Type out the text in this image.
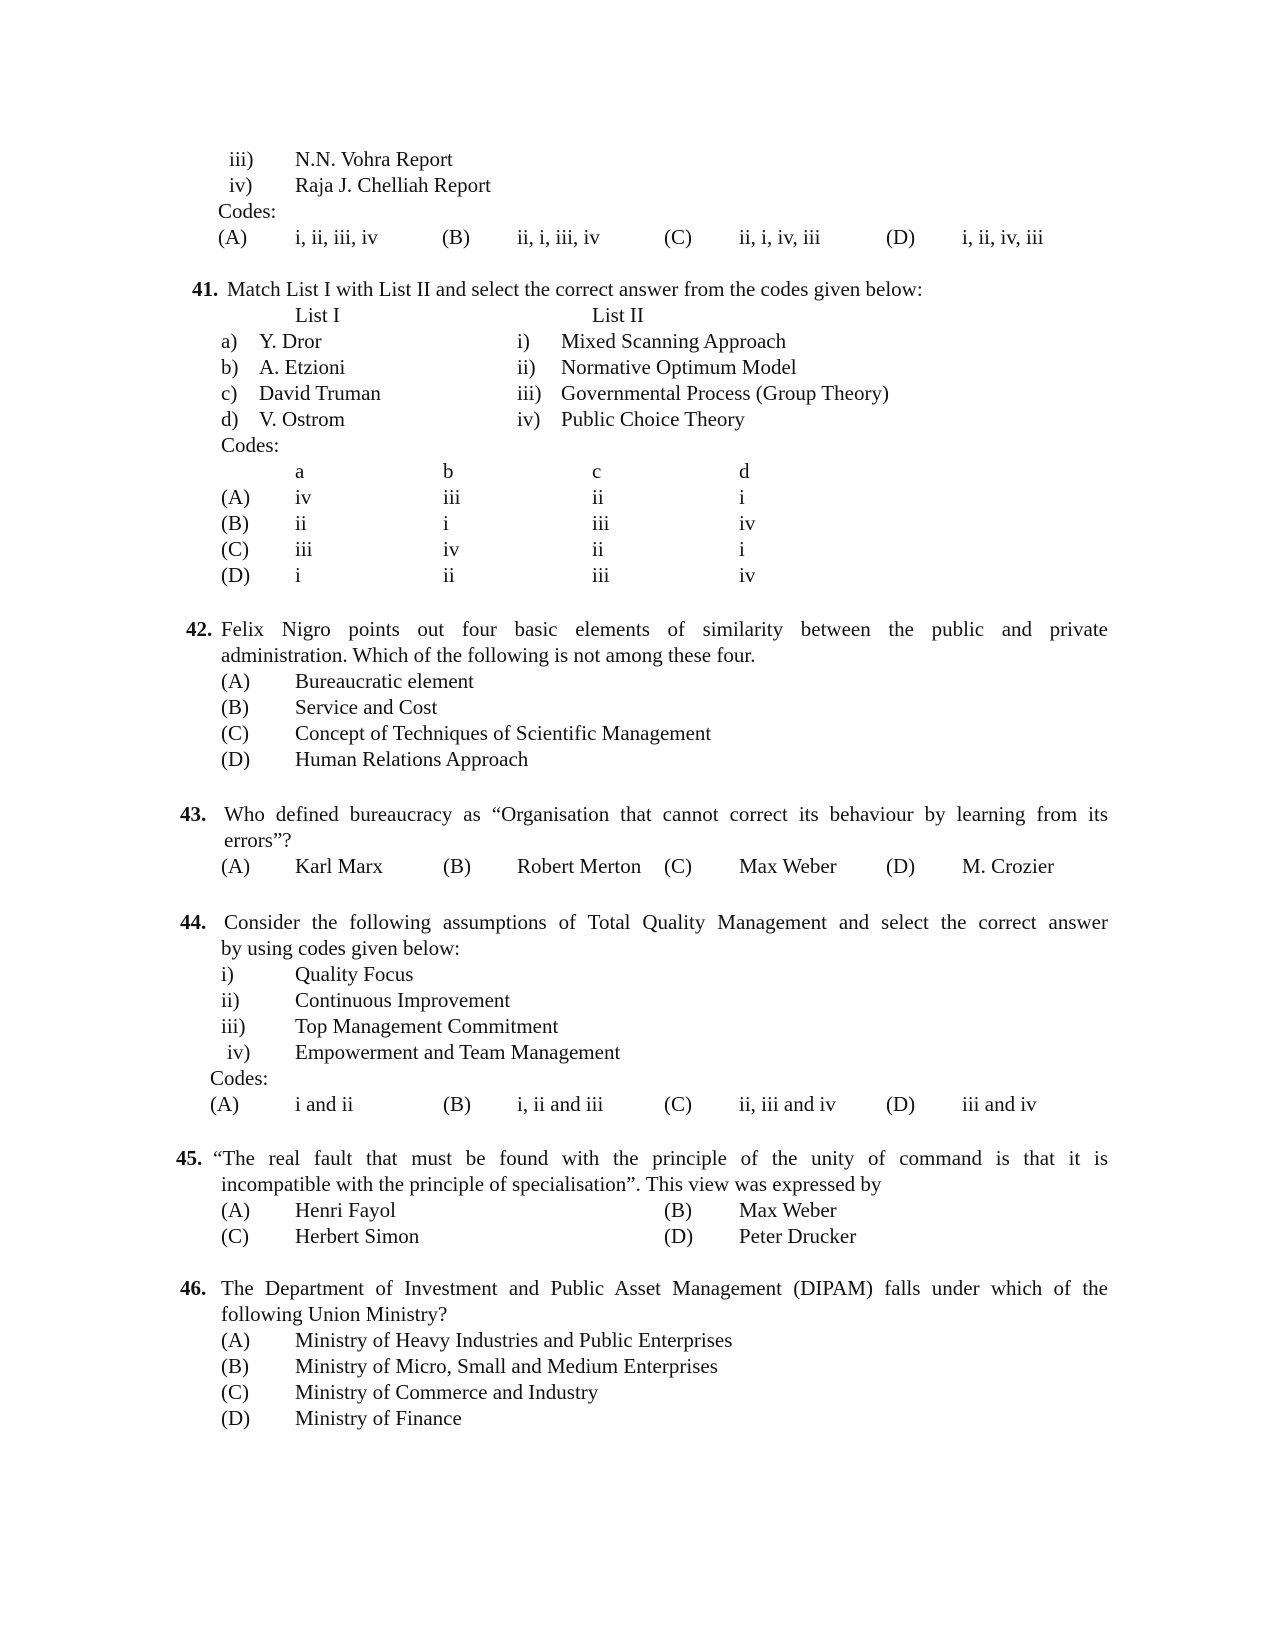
iii) N.N. Vohra Report
iv) Raja J. Chelliah Report
Codes:
(A) i, ii, iii, iv	(B) ii, i, iii, iv	(C) ii, i, iv, iii	(D) i, ii, iv, iii
41. Match List I with List II and select the correct answer from the codes given below:
List I	List II
a) Y. Dror	i) Mixed Scanning Approach
b) A. Etzioni	ii) Normative Optimum Model
c) David Truman	iii) Governmental Process (Group Theory)
d) V. Ostrom	iv) Public Choice Theory
Codes:
a	b	c	d
(A) iv	iii	ii	i
(B) ii	i	iii	iv
(C) iii	iv	ii	i
(D) i	ii	iii	iv
42. Felix Nigro points out four basic elements of similarity between the public and private
administration. Which of the following is not among these four.
(A) Bureaucratic element
(B) Service and Cost
(C) Concept of Techniques of Scientific Management
(D) Human Relations Approach
43. Who defined bureaucracy as “Organisation that cannot correct its behaviour by learning from its
errors”?
(A) Karl Marx	(B) Robert Merton (C) Max Weber (D) M. Crozier
44. Consider the following assumptions of Total Quality Management and select the correct answer
by using codes given below:
i)	Quality Focus
ii)	Continuous Improvement
iii) Top Management Commitment
iv) Empowerment and Team Management
Codes:
(A)	i and ii	(B) i, ii and iii	(C) ii, iii and iv (D) iii and iv
45. “The real fault that must be found with the principle of the unity of command is that it is
incompatible with the principle of specialisation”. This view was expressed by
(A) Henri Fayol	(B) Max Weber
(C) Herbert Simon	(D) Peter Drucker
46. The Department of Investment and Public Asset Management (DIPAM) falls under which of the
following Union Ministry?
(A) Ministry of Heavy Industries and Public Enterprises
(B) Ministry of Micro, Small and Medium Enterprises
(C) Ministry of Commerce and Industry
(D) Ministry of Finance
